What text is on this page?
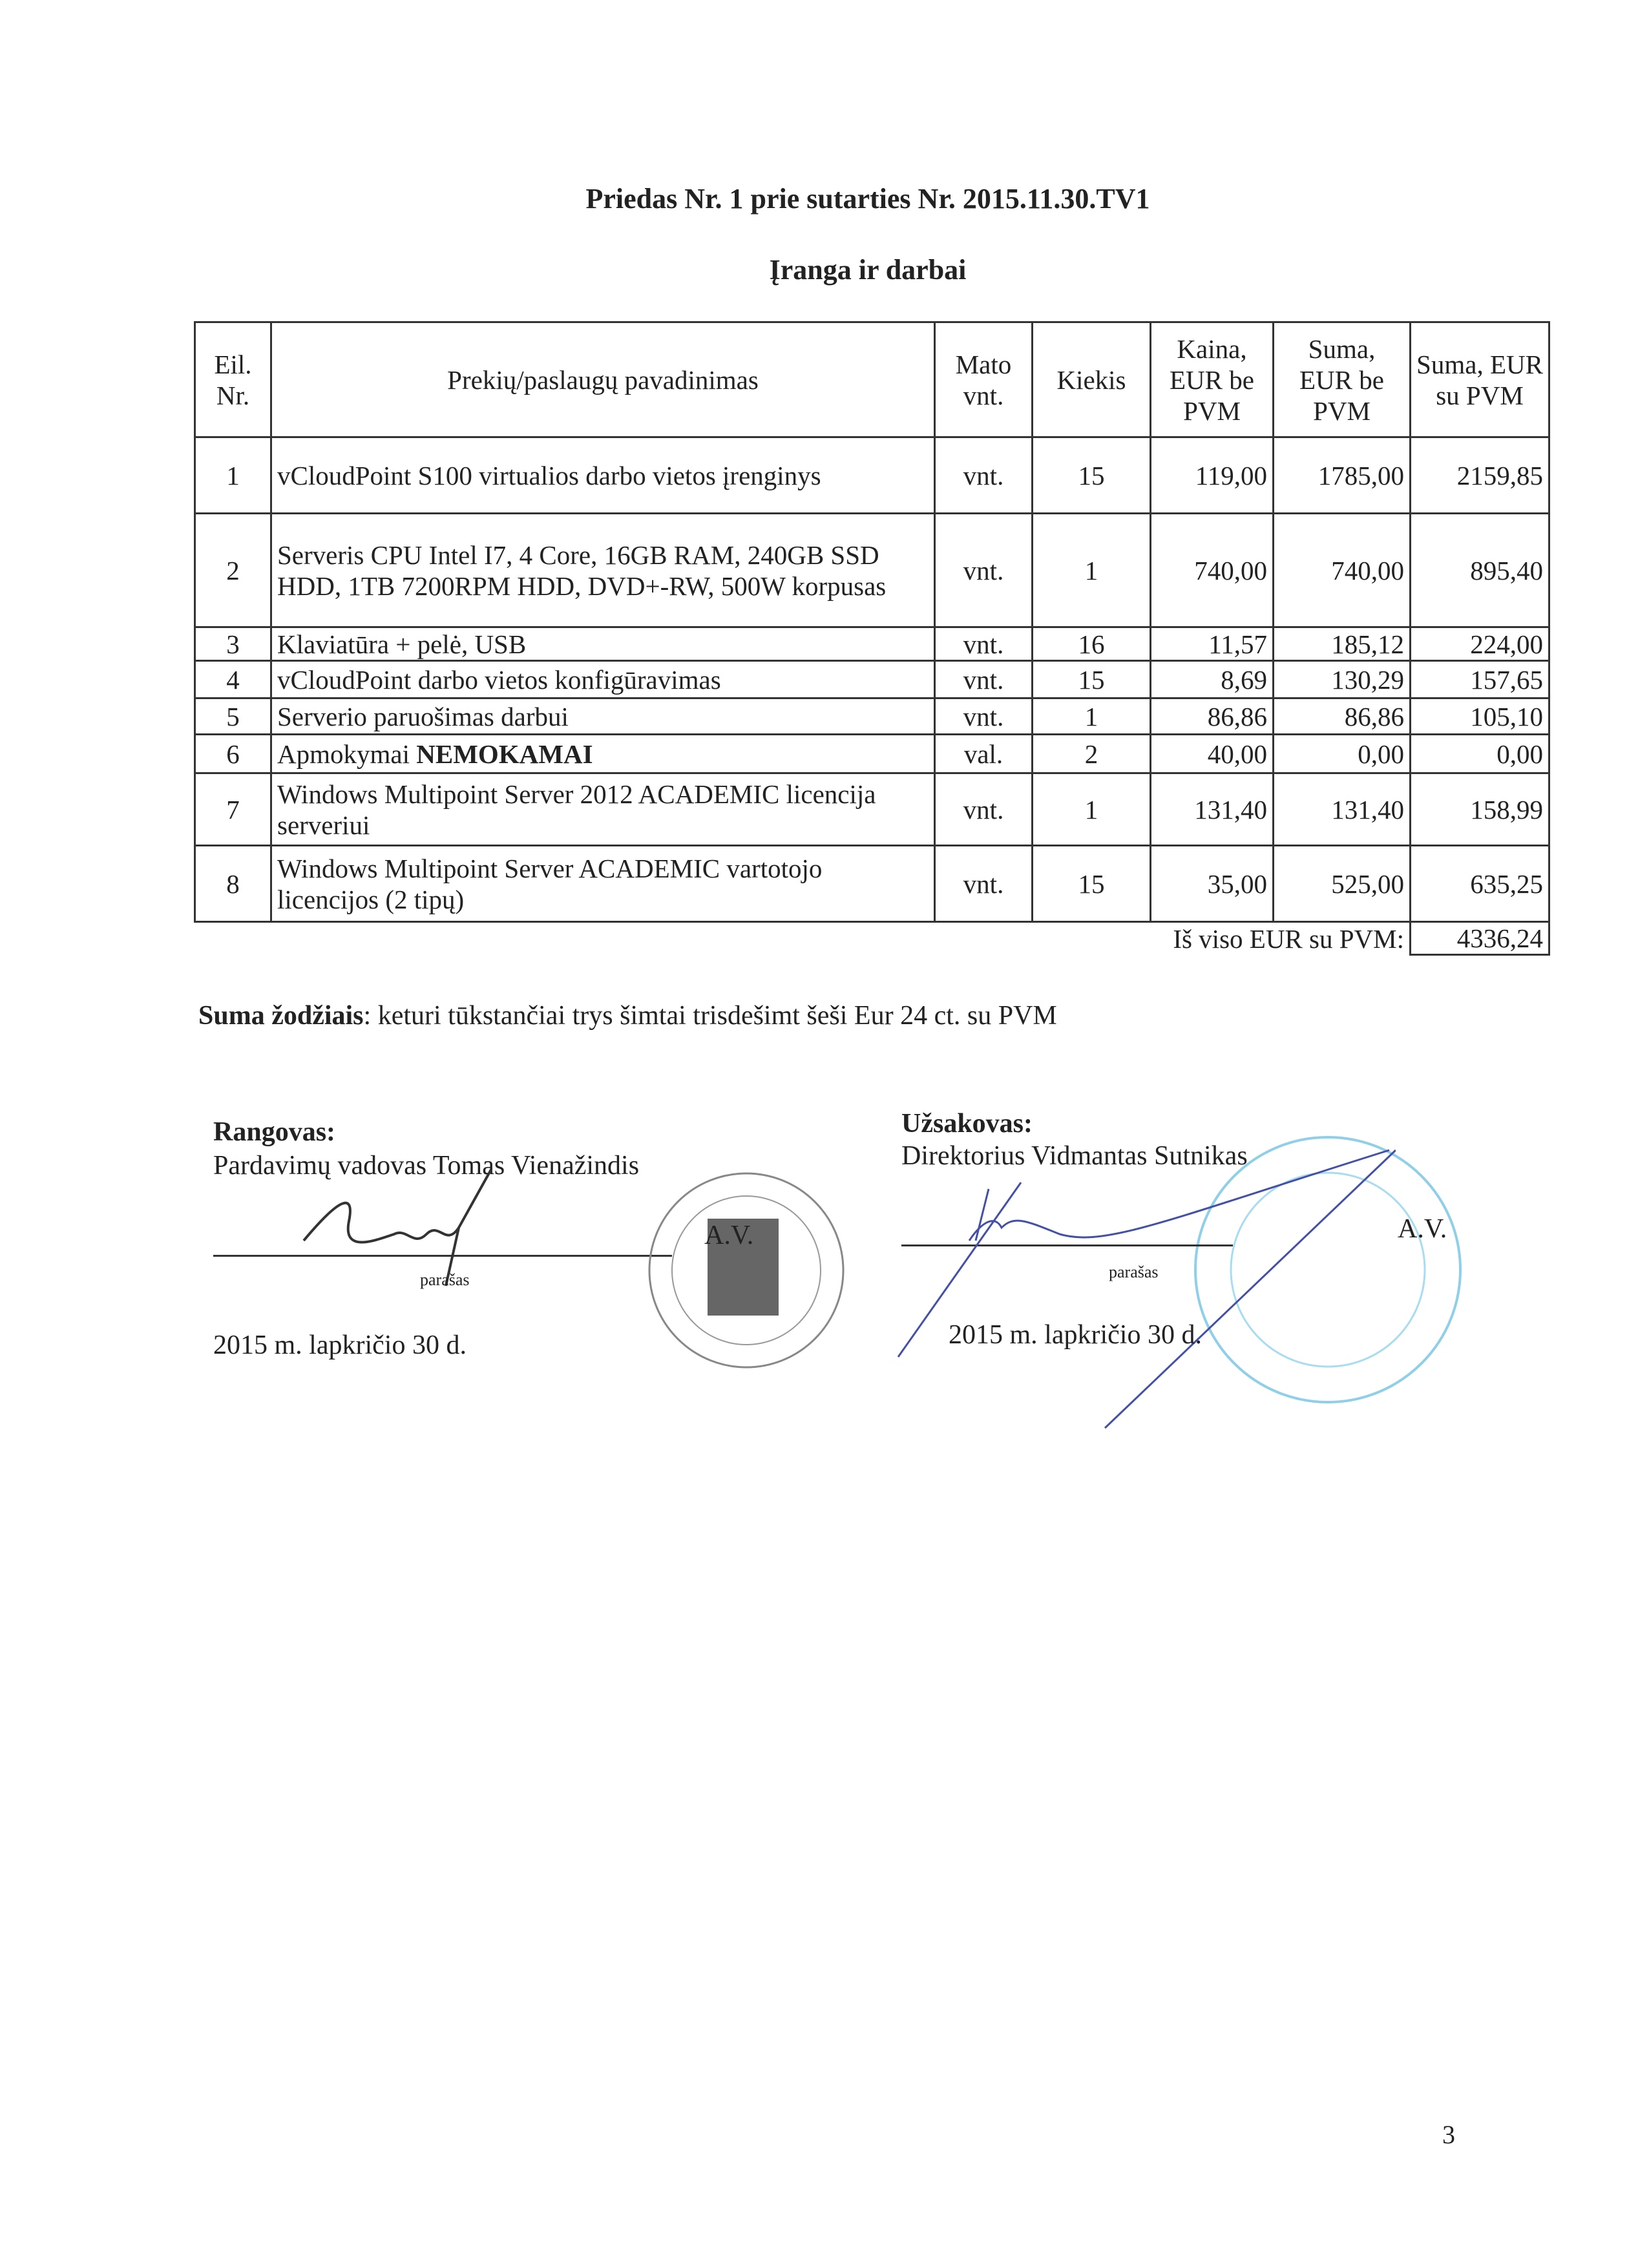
Priedas Nr. 1 prie sutarties Nr. 2015.11.30.TV1
Įranga ir darbai
Eil. Nr.	Prekių/paslaugų pavadinimas	Mato vnt.	Kiekis	Kaina, EUR be PVM	Suma, EUR be PVM	Suma, EUR su PVM
1	vCloudPoint S100 virtualios darbo vietos įrenginys	vnt.	15	119,00	1785,00	2159,85
2	Serveris CPU Intel I7, 4 Core, 16GB RAM, 240GB SSD HDD, 1TB 7200RPM HDD, DVD+-RW, 500W korpusas	vnt.	1	740,00	740,00	895,40
3	Klaviatūra + pelė, USB	vnt.	16	11,57	185,12	224,00
4	vCloudPoint darbo vietos konfigūravimas	vnt.	15	8,69	130,29	157,65
5	Serverio paruošimas darbui	vnt.	1	86,86	86,86	105,10
6	Apmokymai NEMOKAMAI	val.	2	40,00	0,00	0,00
7	Windows Multipoint Server 2012 ACADEMIC licencija serveriui	vnt.	1	131,40	131,40	158,99
8	Windows Multipoint Server ACADEMIC vartotojo licencijos (2 tipų)	vnt.	15	35,00	525,00	635,25
Iš viso EUR su PVM:						4336,24
Suma žodžiais: keturi tūkstančiai trys šimtai trisdešimt šeši Eur 24 ct. su PVM
Rangovas:
Pardavimų vadovas Tomas Vienažindis
parašas
2015 m. lapkričio 30 d.
A.V.
Užsakovas:
Direktorius Vidmantas Sutnikas
A.V.
parašas
2015 m. lapkričio 30 d.
3
